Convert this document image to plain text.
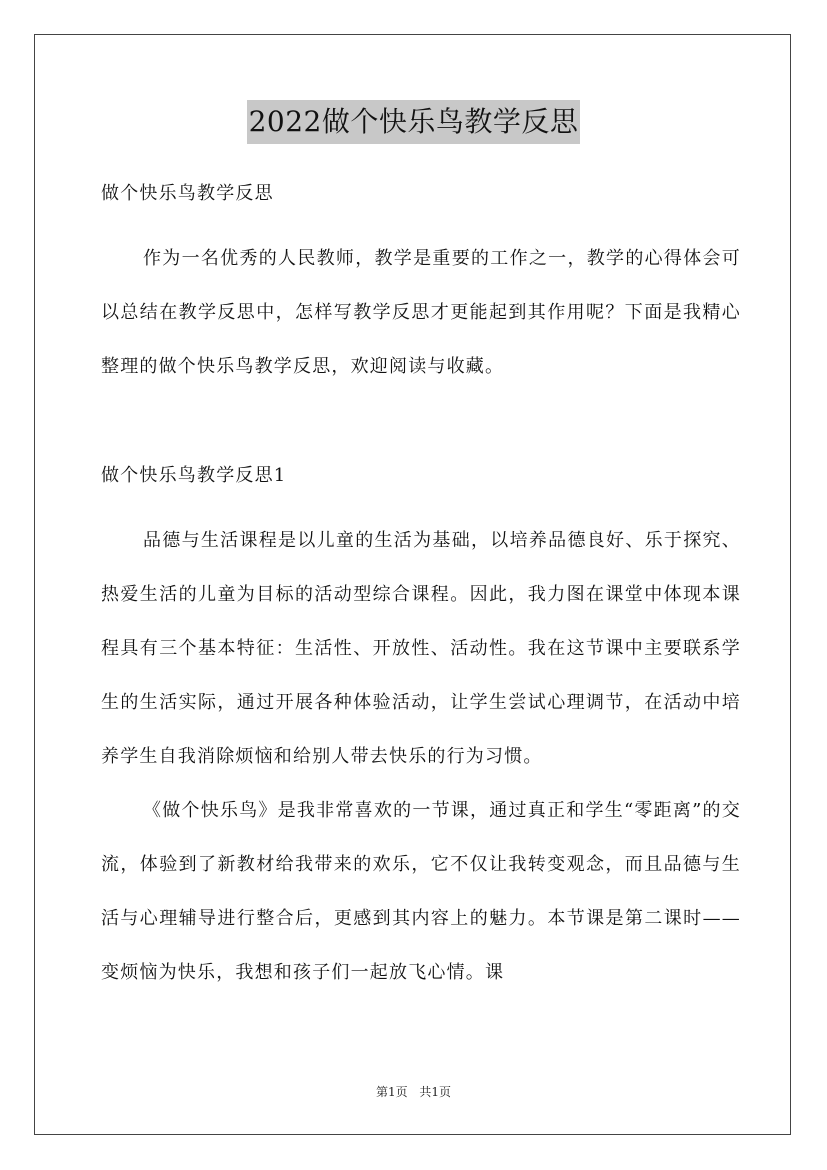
2022做个快乐鸟教学反思

做个快乐鸟教学反思

作为一名优秀的人民教师，教学是重要的工作之一，教学的心得体会可以总结在教学反思中，怎样写教学反思才更能起到其作用呢？下面是我精心整理的做个快乐鸟教学反思，欢迎阅读与收藏。

做个快乐鸟教学反思1

品德与生活课程是以儿童的生活为基础，以培养品德良好、乐于探究、热爱生活的儿童为目标的活动型综合课程。因此，我力图在课堂中体现本课程具有三个基本特征：生活性、开放性、活动性。我在这节课中主要联系学生的生活实际，通过开展各种体验活动，让学生尝试心理调节，在活动中培养学生自我消除烦恼和给别人带去快乐的行为习惯。

《做个快乐鸟》是我非常喜欢的一节课，通过真正和学生“零距离”的交流，体验到了新教材给我带来的欢乐，它不仅让我转变观念，而且品德与生活与心理辅导进行整合后，更感到其内容上的魅力。本节课是第二课时——变烦恼为快乐，我想和孩子们一起放飞心情。课

第1页 共1页
